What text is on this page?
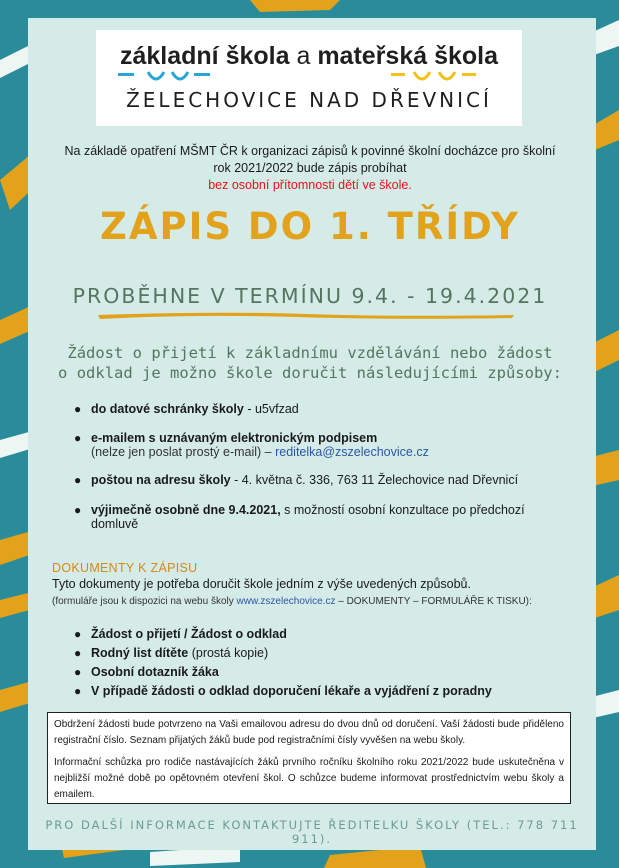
základní škola a mateřská škola
ŽELECHOVICE NAD DŘEVNICÍ
Na základě opatření MŠMT ČR k organizaci zápisů k povinné školní docházce pro školní
rok 2021/2022 bude zápis probíhat
bez osobní přítomnosti dětí ve škole.
ZÁPIS DO 1. TŘÍDY
PROBĚHNE V TERMÍNU 9.4. - 19.4.2021
Žádost o přijetí k základnímu vzdělávání nebo žádost
o odklad je možno škole doručit následujícími způsoby:
● do datové schránky školy - u5vfzad
● e-mailem s uznávaným elektronickým podpisem
(nelze jen poslat prostý e-mail) – reditelka@zszelechovice.cz
● poštou na adresu školy - 4. května č. 336, 763 11 Želechovice nad Dřevnicí
● výjimečně osobně dne 9.4.2021, s možností osobní konzultace po předchozí
domluvě
DOKUMENTY K ZÁPISU
Tyto dokumenty je potřeba doručit škole jedním z výše uvedených způsobů.
(formuláře jsou k dispozici na webu školy www.zszelechovice.cz – DOKUMENTY – FORMULÁŘE K TISKU):
● Žádost o přijetí / Žádost o odklad
● Rodný list dítěte (prostá kopie)
● Osobní dotazník žáka
● V případě žádosti o odklad doporučení lékaře a vyjádření z poradny

Obdržení žádosti bude potvrzeno na Vaši emailovou adresu do dvou dnů od doručení. Vaší žádosti bude přiděleno registrační číslo. Seznam přijatých žáků bude pod registračními čísly vyvěšen na webu školy.

Informační schůzka pro rodiče nastávajících žáků prvního ročníku školního roku 2021/2022 bude uskutečněna v nejbližší možné době po opětovném otevření škol. O schůzce budeme informovat prostřednictvím webu školy a emailem.

PRO DALŠÍ INFORMACE KONTAKTUJTE ŘEDITELKU ŠKOLY (TEL.: 778 711 911).
